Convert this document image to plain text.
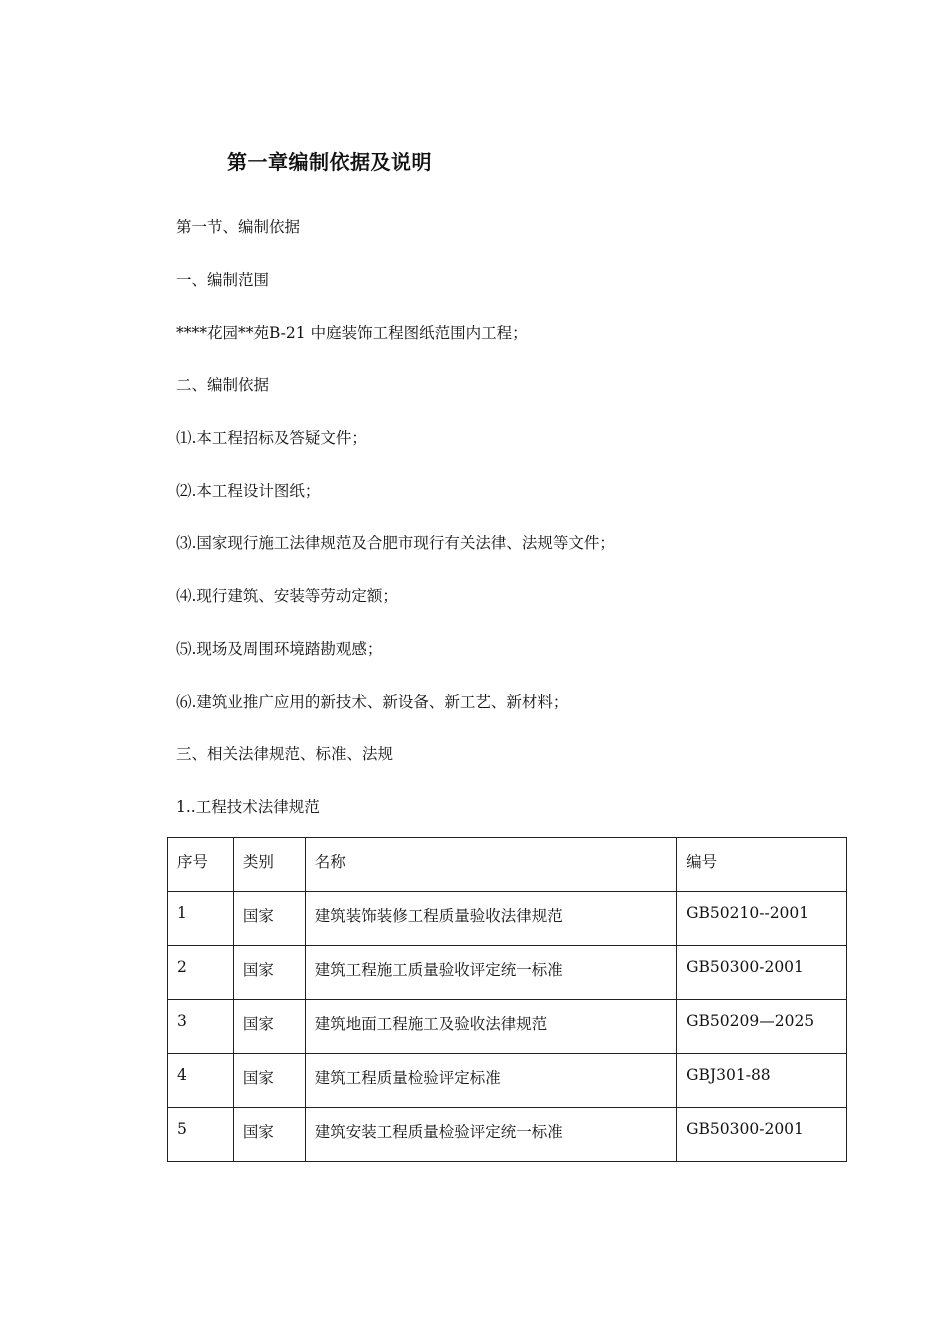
第一章编制依据及说明
第一节、编制依据
一、编制范围
****花园**苑B-21 中庭装饰工程图纸范围内工程；
二、编制依据
⑴.本工程招标及答疑文件；
⑵.本工程设计图纸；
⑶.国家现行施工法律规范及合肥市现行有关法律、法规等文件；
⑷.现行建筑、安装等劳动定额；
⑸.现场及周围环境踏勘观感；
⑹.建筑业推广应用的新技术、新设备、新工艺、新材料；
三、相关法律规范、标准、法规
1..工程技术法律规范
序号	类别	名称	编号
1	国家	建筑装饰装修工程质量验收法律规范	GB50210--2001
2	国家	建筑工程施工质量验收评定统一标准	GB50300-2001
3	国家	建筑地面工程施工及验收法律规范	GB50209—2025
4	国家	建筑工程质量检验评定标准	GBJ301-88
5	国家	建筑安装工程质量检验评定统一标准	GB50300-2001
